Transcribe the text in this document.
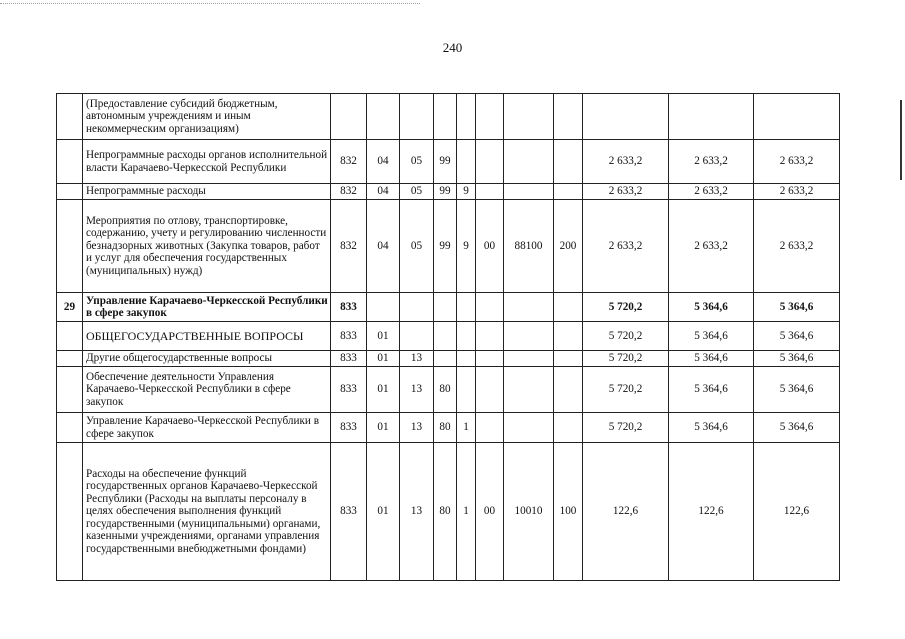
240
	(Предоставление субсидий бюджетным, автономным учреждениям и иным некоммерческим организациям)											
	Непрограммные расходы органов исполнительной власти Карачаево-Черкесской Республики	832	04	05	99					2 633,2	2 633,2	2 633,2
	Непрограммные расходы	832	04	05	99	9				2 633,2	2 633,2	2 633,2
	Мероприятия по отлову, транспортировке, содержанию, учету и регулированию численности безнадзорных животных (Закупка товаров, работ и услуг для обеспечения государственных (муниципальных) нужд)	832	04	05	99	9	00	88100	200	2 633,2	2 633,2	2 633,2
29	Управление Карачаево-Черкесской Республики в сфере закупок	833								5 720,2	5 364,6	5 364,6
	ОБЩЕГОСУДАРСТВЕННЫЕ ВОПРОСЫ	833	01							5 720,2	5 364,6	5 364,6
	Другие общегосударственные вопросы	833	01	13						5 720,2	5 364,6	5 364,6
	Обеспечение деятельности Управления Карачаево-Черкесской Республики в сфере закупок	833	01	13	80					5 720,2	5 364,6	5 364,6
	Управление Карачаево-Черкесской Республики в сфере закупок	833	01	13	80	1				5 720,2	5 364,6	5 364,6
	Расходы на обеспечение функций государственных органов Карачаево-Черкесской Республики (Расходы на выплаты персоналу в целях обеспечения выполнения функций государственными (муниципальными) органами, казенными учреждениями, органами управления государственными внебюджетными фондами)	833	01	13	80	1	00	10010	100	122,6	122,6	122,6
